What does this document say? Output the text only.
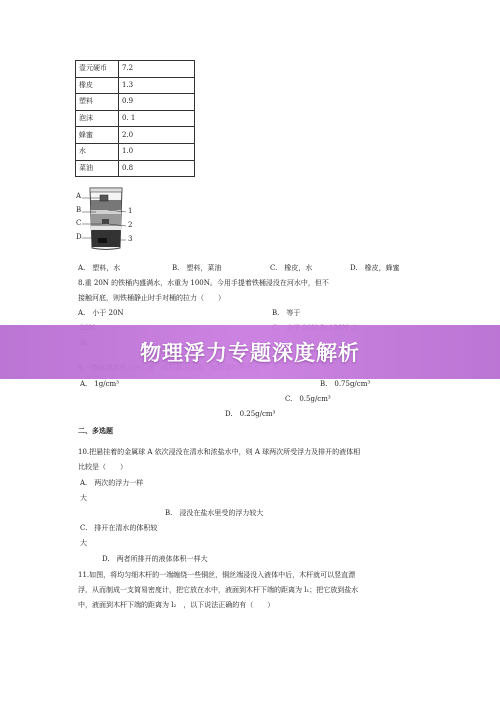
壹元硬币	7.2
橡皮	1.3
塑料	0.9
泡沫	0. 1
蜂蜜	2.0
水	1.0
菜油	0.8
A
B
C
D
1
2
3
A.　塑料，水	B.　塑料，菜油	C.　橡皮，水	D.　橡皮，蜂蜜
8.重 20N 的铁桶内盛满水，水重为 100N。今用手提着铁桶浸没在河水中，但不
接触河底，则铁桶静止时手对桶的拉力（　　）
A.　小于 20N	B.　等于
A.　1g/cm³	B.　0.75g/cm³
C.　0.5g/cm³
D.　0.25g/cm³
二、多选题
10.把悬挂着的金属球 A 依次浸没在清水和浓盐水中，则 A 球两次所受浮力及排开的液体相
比较是（　　）
A.　两次的浮力一样
大
B.　浸没在盐水里受的浮力较大
C.　排开在清水的体积较
大
D.　两者所排开的液体体积一样大
11.如图，将均匀细木杆的一端缠绕一些铜丝，铜丝端浸没入液体中后，木杆就可以竖直漂
浮，从而制成一支简易密度计，把它放在水中，液面到木杆下端的距离为 l₁；把它放到盐水
中，液面到木杆下端的距离为 l₂　，以下说法正确的有（　　）
物理浮力专题深度解析
